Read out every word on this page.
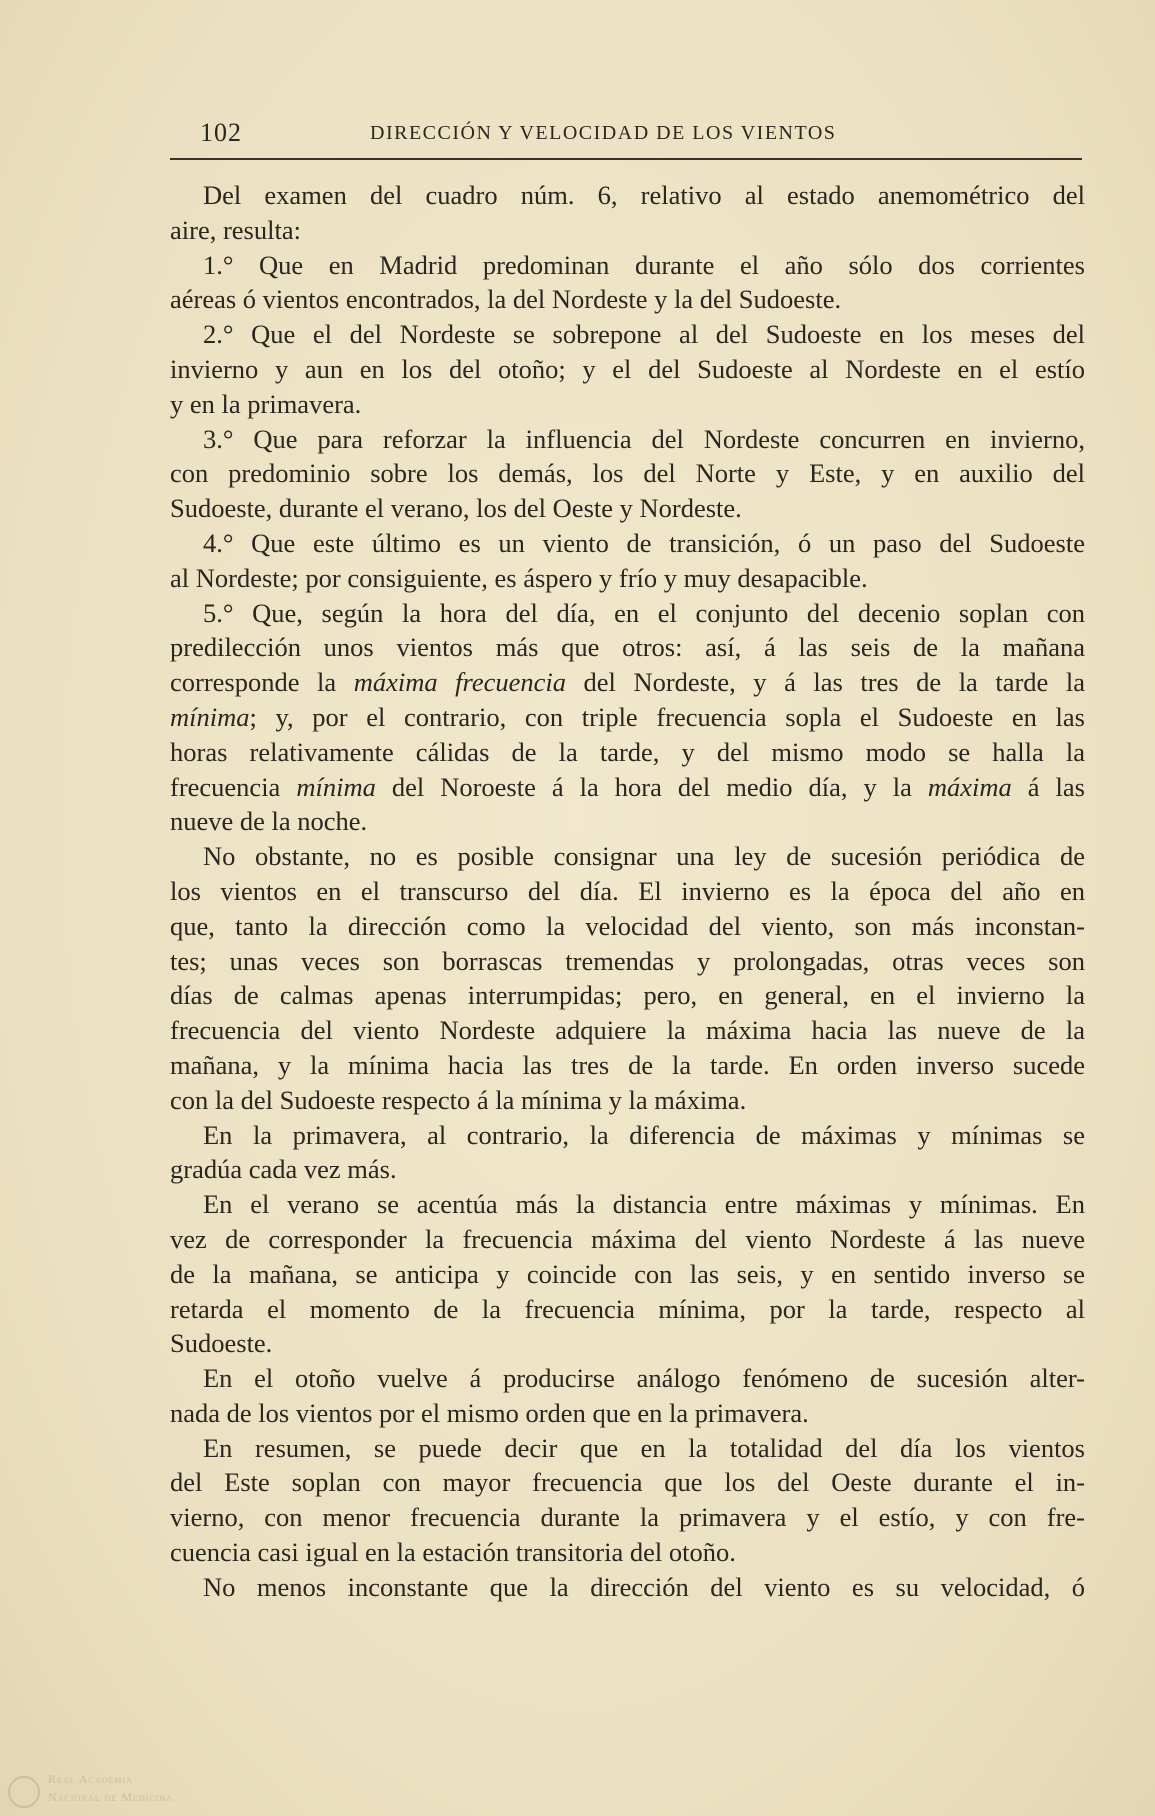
102	DIRECCIÓN Y VELOCIDAD DE LOS VIENTOS
Del examen del cuadro núm. 6, relativo al estado anemométrico del
aire, resulta:
1.° Que en Madrid predominan durante el año sólo dos corrientes
aéreas ó vientos encontrados, la del Nordeste y la del Sudoeste.
2.° Que el del Nordeste se sobrepone al del Sudoeste en los meses del
invierno y aun en los del otoño; y el del Sudoeste al Nordeste en el estío
y en la primavera.
3.° Que para reforzar la influencia del Nordeste concurren en invierno,
con predominio sobre los demás, los del Norte y Este, y en auxilio del
Sudoeste, durante el verano, los del Oeste y Nordeste.
4.° Que este último es un viento de transición, ó un paso del Sudoeste
al Nordeste; por consiguiente, es áspero y frío y muy desapacible.
5.° Que, según la hora del día, en el conjunto del decenio soplan con
predilección unos vientos más que otros: así, á las seis de la mañana
corresponde la máxima frecuencia del Nordeste, y á las tres de la tarde la
mínima; y, por el contrario, con triple frecuencia sopla el Sudoeste en las
horas relativamente cálidas de la tarde, y del mismo modo se halla la
frecuencia mínima del Noroeste á la hora del medio día, y la máxima á las
nueve de la noche.
No obstante, no es posible consignar una ley de sucesión periódica de
los vientos en el transcurso del día. El invierno es la época del año en
que, tanto la dirección como la velocidad del viento, son más inconstan-
tes; unas veces son borrascas tremendas y prolongadas, otras veces son
días de calmas apenas interrumpidas; pero, en general, en el invierno la
frecuencia del viento Nordeste adquiere la máxima hacia las nueve de la
mañana, y la mínima hacia las tres de la tarde. En orden inverso sucede
con la del Sudoeste respecto á la mínima y la máxima.
En la primavera, al contrario, la diferencia de máximas y mínimas se
gradúa cada vez más.
En el verano se acentúa más la distancia entre máximas y mínimas. En
vez de corresponder la frecuencia máxima del viento Nordeste á las nueve
de la mañana, se anticipa y coincide con las seis, y en sentido inverso se
retarda el momento de la frecuencia mínima, por la tarde, respecto al
Sudoeste.
En el otoño vuelve á producirse análogo fenómeno de sucesión alter-
nada de los vientos por el mismo orden que en la primavera.
En resumen, se puede decir que en la totalidad del día los vientos
del Este soplan con mayor frecuencia que los del Oeste durante el in-
vierno, con menor frecuencia durante la primavera y el estío, y con fre-
cuencia casi igual en la estación transitoria del otoño.
No menos inconstante que la dirección del viento es su velocidad, ó
Real Academia
Nacional de Medicina
